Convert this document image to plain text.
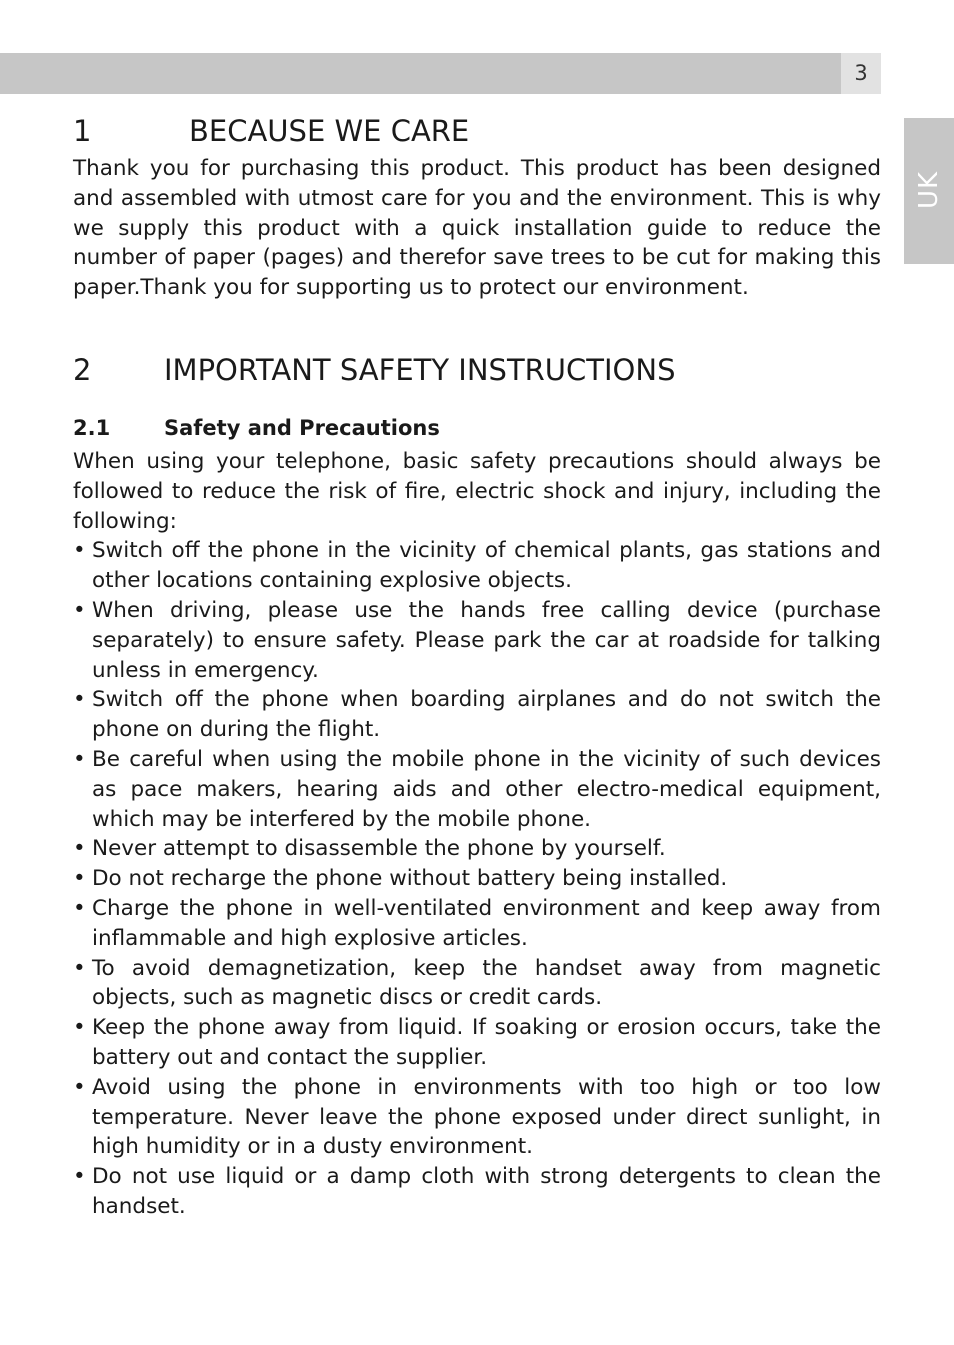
3
UK
1	BECAUSE WE CARE

Thank you for purchasing this product. This product has been designed and assembled with utmost care for you and the environment. This is why we supply this product with a quick installation guide to reduce the number of paper (pages) and therefor save trees to be cut for making this paper.Thank you for supporting us to protect our environment.

2	IMPORTANT SAFETY INSTRUCTIONS
2.1	Safety and Precautions

When using your telephone, basic safety precautions should always be followed to reduce the risk of fire, electric shock and injury, including the following:

• Switch off the phone in the vicinity of chemical plants, gas stations and other locations containing explosive objects.
• When driving, please use the hands free calling device (purchase separately) to ensure safety. Please park the car at roadside for talking unless in emergency.
• Switch off the phone when boarding airplanes and do not switch the phone on during the flight.
• Be careful when using the mobile phone in the vicinity of such devices as pace makers, hearing aids and other electro-medical equipment, which may be interfered by the mobile phone.
• Never attempt to disassemble the phone by yourself.
• Do not recharge the phone without battery being installed.
• Charge the phone in well-ventilated environment and keep away from inflammable and high explosive articles.
• To avoid demagnetization, keep the handset away from magnetic objects, such as magnetic discs or credit cards.
• Keep the phone away from liquid. If soaking or erosion occurs, take the battery out and contact the supplier.
• Avoid using the phone in environments with too high or too low temperature. Never leave the phone exposed under direct sunlight, in high humidity or in a dusty environment.
• Do not use liquid or a damp cloth with strong detergents to clean the handset.
